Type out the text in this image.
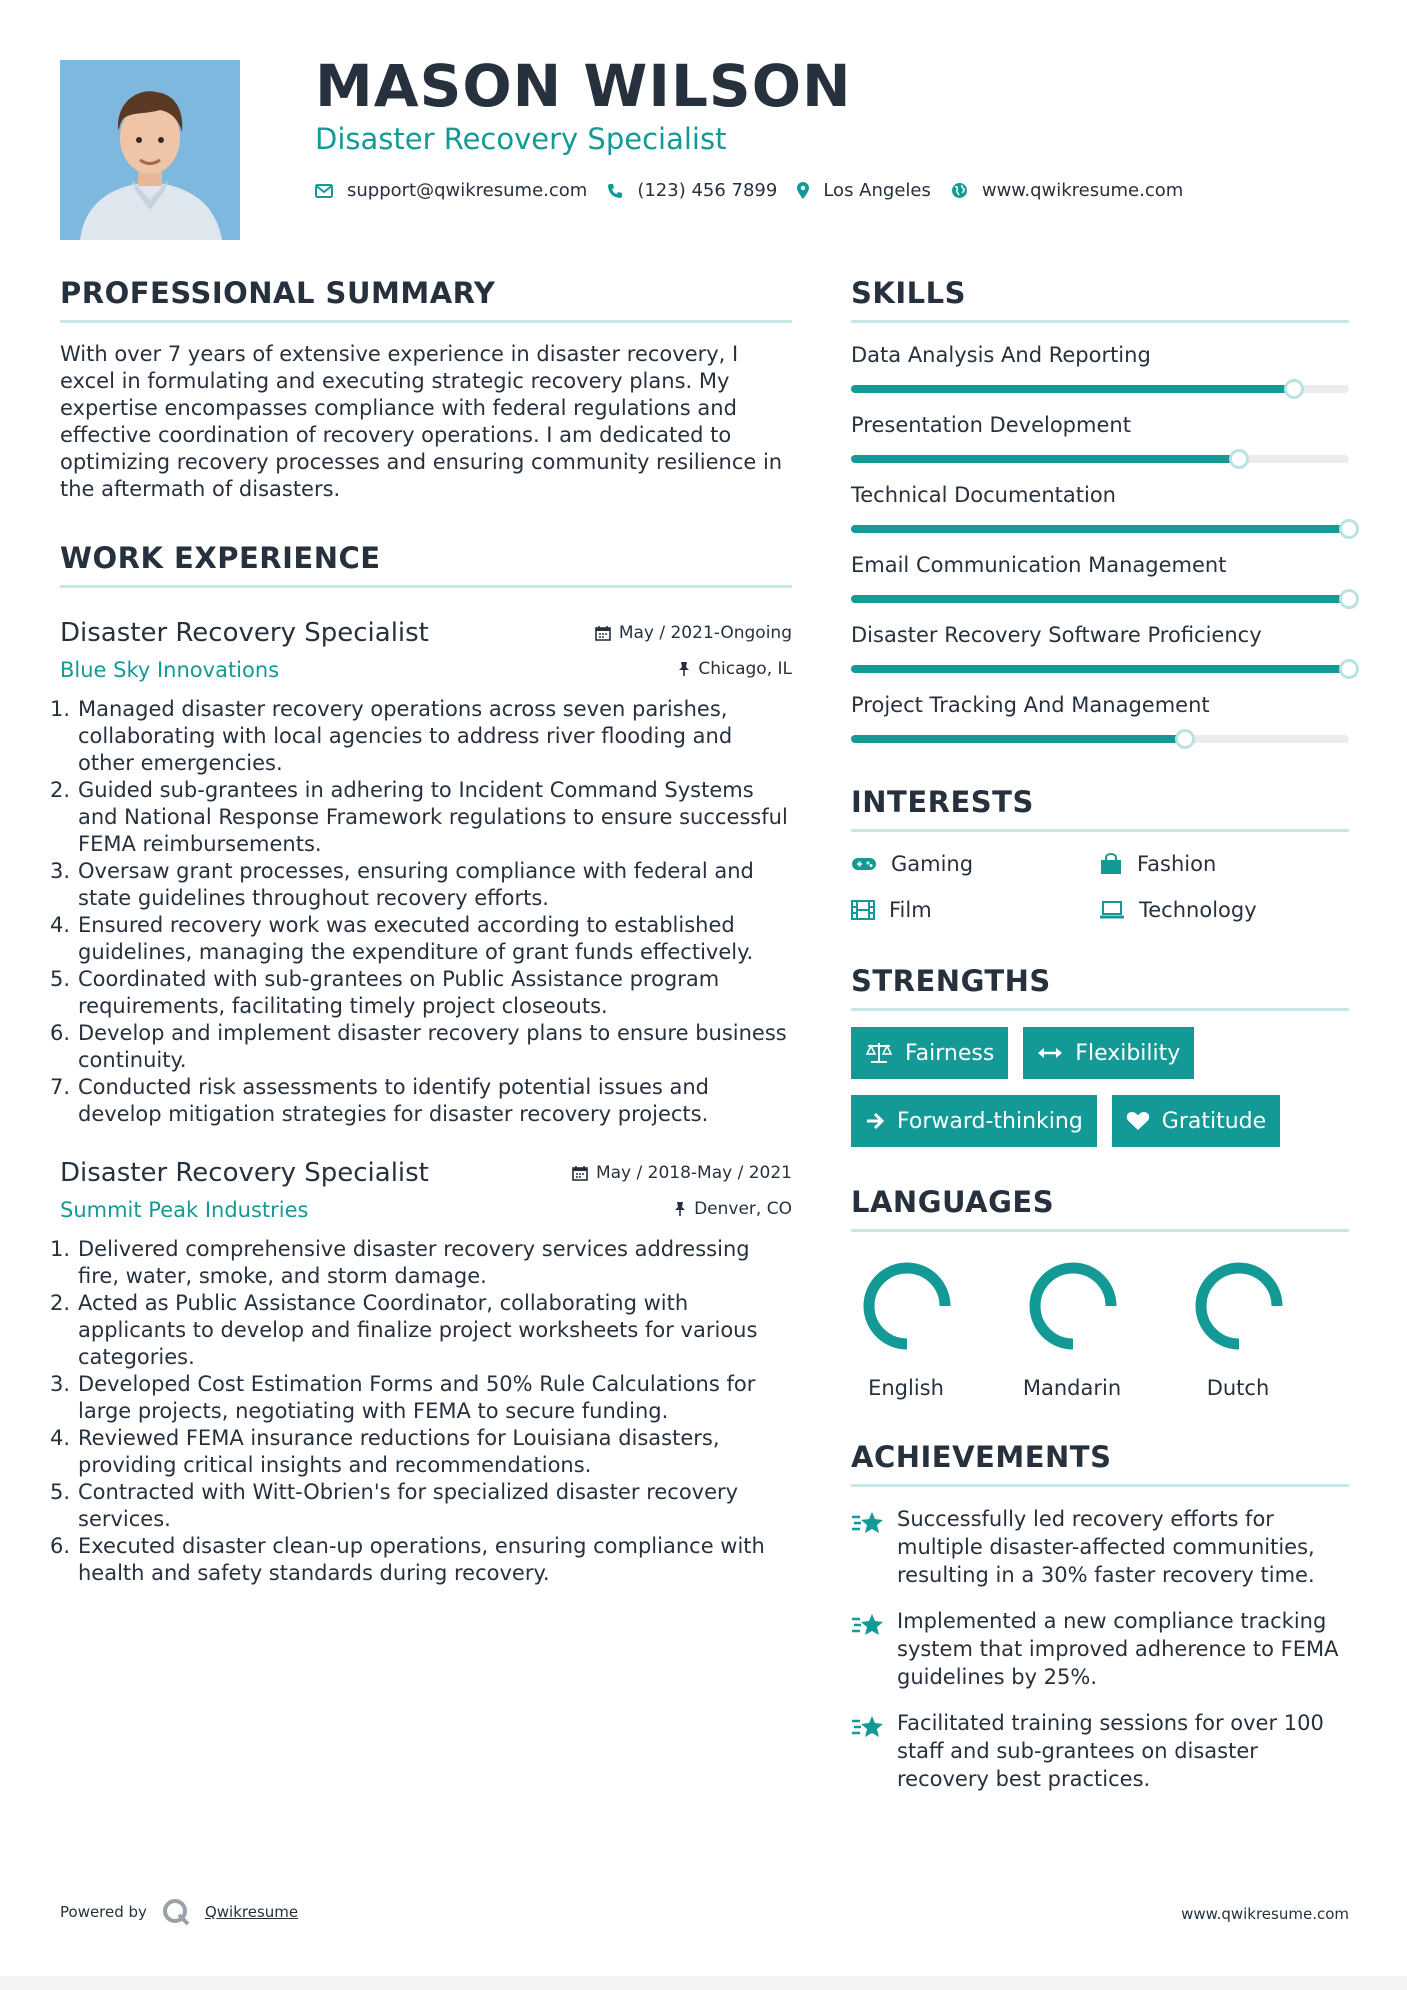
MASON WILSON
Disaster Recovery Specialist
support@qwikresume.com	(123) 456 7899	Los Angeles	www.qwikresume.com
PROFESSIONAL SUMMARY
With over 7 years of extensive experience in disaster recovery, I excel in formulating and executing strategic recovery plans. My expertise encompasses compliance with federal regulations and effective coordination of recovery operations. I am dedicated to optimizing recovery processes and ensuring community resilience in the aftermath of disasters.
WORK EXPERIENCE
Disaster Recovery Specialist	May / 2021-Ongoing
Blue Sky Innovations	Chicago, IL
1. Managed disaster recovery operations across seven parishes, collaborating with local agencies to address river flooding and other emergencies.
2. Guided sub-grantees in adhering to Incident Command Systems and National Response Framework regulations to ensure successful FEMA reimbursements.
3. Oversaw grant processes, ensuring compliance with federal and state guidelines throughout recovery efforts.
4. Ensured recovery work was executed according to established guidelines, managing the expenditure of grant funds effectively.
5. Coordinated with sub-grantees on Public Assistance program requirements, facilitating timely project closeouts.
6. Develop and implement disaster recovery plans to ensure business continuity.
7. Conducted risk assessments to identify potential issues and develop mitigation strategies for disaster recovery projects.
Disaster Recovery Specialist	May / 2018-May / 2021
Summit Peak Industries	Denver, CO
1. Delivered comprehensive disaster recovery services addressing fire, water, smoke, and storm damage.
2. Acted as Public Assistance Coordinator, collaborating with applicants to develop and finalize project worksheets for various categories.
3. Developed Cost Estimation Forms and 50% Rule Calculations for large projects, negotiating with FEMA to secure funding.
4. Reviewed FEMA insurance reductions for Louisiana disasters, providing critical insights and recommendations.
5. Contracted with Witt-Obrien's for specialized disaster recovery services.
6. Executed disaster clean-up operations, ensuring compliance with health and safety standards during recovery.
SKILLS
Data Analysis And Reporting
Presentation Development
Technical Documentation
Email Communication Management
Disaster Recovery Software Proficiency
Project Tracking And Management
INTERESTS
Gaming	Fashion
Film	Technology
STRENGTHS
Fairness	Flexibility
Forward-thinking	Gratitude
LANGUAGES
English	Mandarin	Dutch
ACHIEVEMENTS
Successfully led recovery efforts for multiple disaster-affected communities, resulting in a 30% faster recovery time.
Implemented a new compliance tracking system that improved adherence to FEMA guidelines by 25%.
Facilitated training sessions for over 100 staff and sub-grantees on disaster recovery best practices.
Powered by	Qwikresume	www.qwikresume.com
